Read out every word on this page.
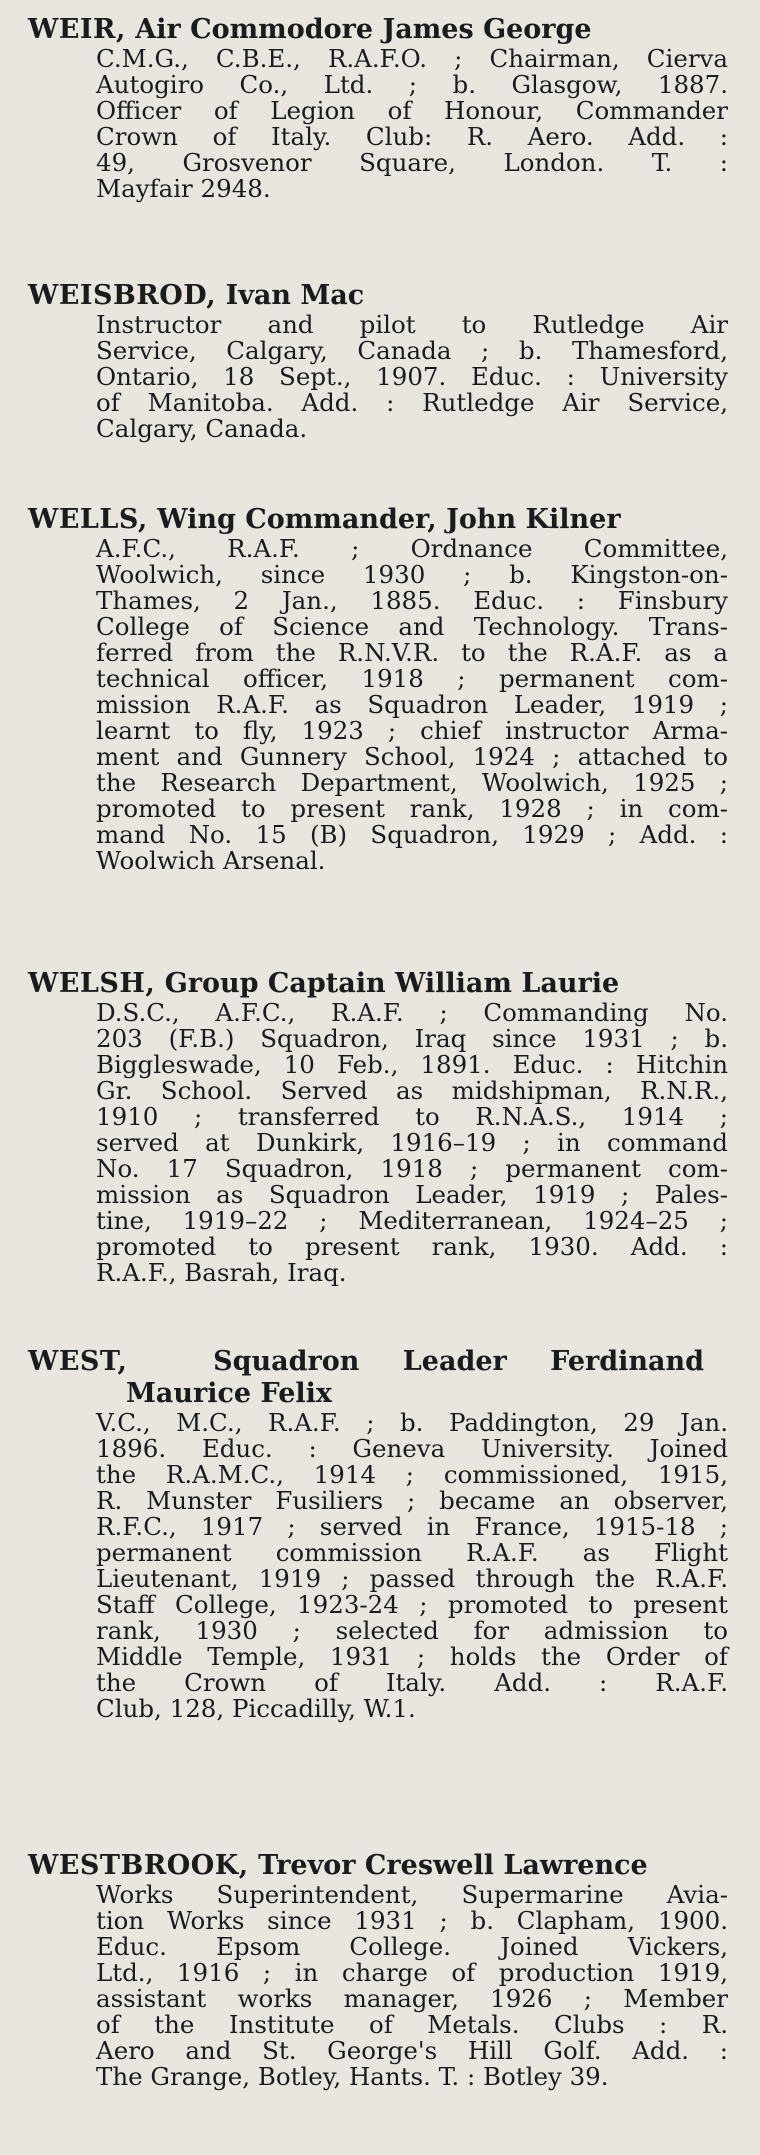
WEIR, Air Commodore James George
C.M.G., C.B.E., R.A.F.O. ; Chairman, Cierva
Autogiro Co., Ltd. ; b. Glasgow, 1887.
Officer of Legion of Honour, Commander
Crown of Italy. Club: R. Aero. Add. :
49, Grosvenor Square, London. T. :
Mayfair 2948.
WEISBROD, Ivan Mac
Instructor and pilot to Rutledge Air
Service, Calgary, Canada ; b. Thamesford,
Ontario, 18 Sept., 1907. Educ. : University
of Manitoba. Add. : Rutledge Air Service,
Calgary, Canada.
WELLS, Wing Commander, John Kilner
A.F.C., R.A.F. ; Ordnance Committee,
Woolwich, since 1930 ; b. Kingston-on-
Thames, 2 Jan., 1885. Educ. : Finsbury
College of Science and Technology. Trans-
ferred from the R.N.V.R. to the R.A.F. as a
technical officer, 1918 ; permanent com-
mission R.A.F. as Squadron Leader, 1919 ;
learnt to fly, 1923 ; chief instructor Arma-
ment and Gunnery School, 1924 ; attached to
the Research Department, Woolwich, 1925 ;
promoted to present rank, 1928 ; in com-
mand No. 15 (B) Squadron, 1929 ; Add. :
Woolwich Arsenal.
WELSH, Group Captain William Laurie
D.S.C., A.F.C., R.A.F. ; Commanding No.
203 (F.B.) Squadron, Iraq since 1931 ; b.
Biggleswade, 10 Feb., 1891. Educ. : Hitchin
Gr. School. Served as midshipman, R.N.R.,
1910 ; transferred to R.N.A.S., 1914 ;
served at Dunkirk, 1916–19 ; in command
No. 17 Squadron, 1918 ; permanent com-
mission as Squadron Leader, 1919 ; Pales-
tine, 1919–22 ; Mediterranean, 1924–25 ;
promoted to present rank, 1930. Add. :
R.A.F., Basrah, Iraq.
WEST,	Squadron Leader Ferdinand
Maurice Felix
V.C., M.C., R.A.F. ; b. Paddington, 29 Jan.
1896. Educ. : Geneva University. Joined
the R.A.M.C., 1914 ; commissioned, 1915,
R. Munster Fusiliers ; became an observer,
R.F.C., 1917 ; served in France, 1915-18 ;
permanent commission R.A.F. as Flight
Lieutenant, 1919 ; passed through the R.A.F.
Staff College, 1923-24 ; promoted to present
rank, 1930 ; selected for admission to
Middle Temple, 1931 ; holds the Order of
the Crown of Italy. Add. : R.A.F.
Club, 128, Piccadilly, W.1.
WESTBROOK, Trevor Creswell Lawrence
Works Superintendent, Supermarine Avia-
tion Works since 1931 ; b. Clapham, 1900.
Educ. Epsom College. Joined Vickers,
Ltd., 1916 ; in charge of production 1919,
assistant works manager, 1926 ; Member
of the Institute of Metals. Clubs : R.
Aero and St. George's Hill Golf. Add. :
The Grange, Botley, Hants. T. : Botley 39.
